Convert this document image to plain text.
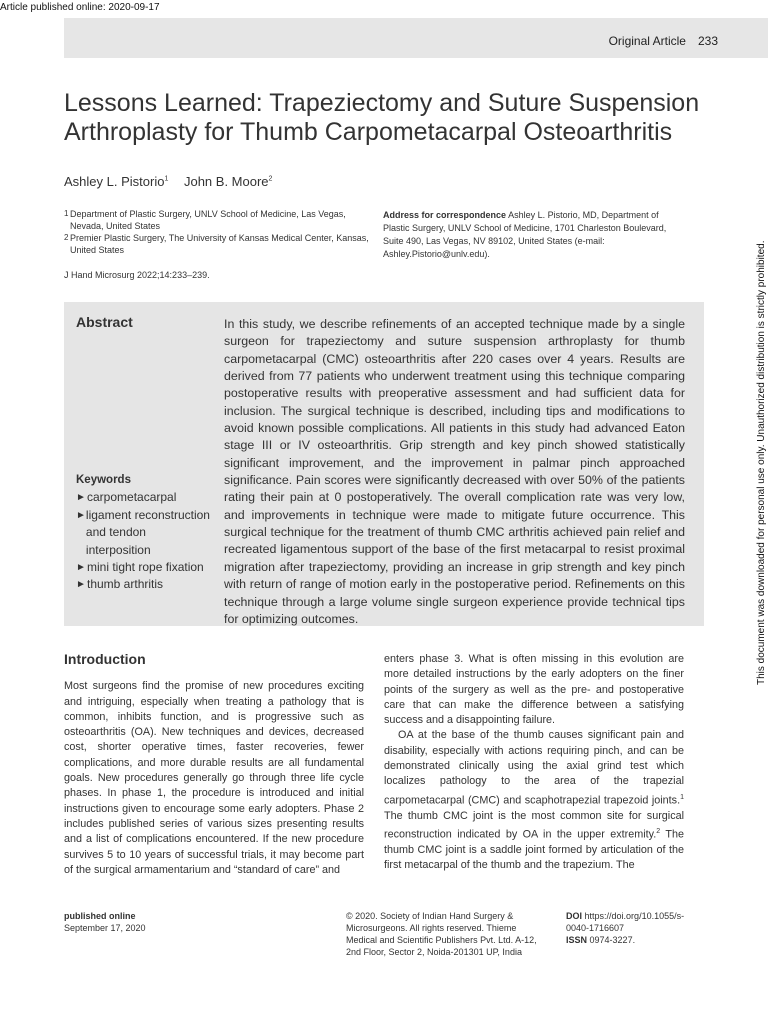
Article published online: 2020-09-17
Original Article 233
Lessons Learned: Trapeziectomy and Suture Suspension Arthroplasty for Thumb Carpometacarpal Osteoarthritis
Ashley L. Pistorio$^1$ John B. Moore$^2$
1 Department of Plastic Surgery, UNLV School of Medicine, Las Vegas, Nevada, United States
2 Premier Plastic Surgery, The University of Kansas Medical Center, Kansas, United States
Address for correspondence Ashley L. Pistorio, MD, Department of Plastic Surgery, UNLV School of Medicine, 1701 Charleston Boulevard, Suite 490, Las Vegas, NV 89102, United States (e-mail: Ashley.Pistorio@unlv.edu).
J Hand Microsurg 2022;14:233–239.	This document was downloaded for personal use only. Unauthorized distribution is strictly prohibited.
Abstract
Keywords
► carpometacarpal
► ligament reconstruction and tendon interposition
► mini tight rope fixation
► thumb arthritis
In this study, we describe refinements of an accepted technique made by a single surgeon for trapeziectomy and suture suspension arthroplasty for thumb carpometacarpal (CMC) osteoarthritis after 220 cases over 4 years. Results are derived from 77 patients who underwent treatment using this technique comparing postoperative results with preoperative assessment and had sufficient data for inclusion. The surgical technique is described, including tips and modifications to avoid known possible complications. All patients in this study had advanced Eaton stage III or IV osteoarthritis. Grip strength and key pinch showed statistically significant improvement, and the improvement in palmar pinch approached significance. Pain scores were significantly decreased with over 50% of the patients rating their pain at 0 postoperatively. The overall complication rate was very low, and improvements in technique were made to mitigate future occurrence. This surgical technique for the treatment of thumb CMC arthritis achieved pain relief and recreated ligamentous support of the base of the first metacarpal to resist proximal migration after trapeziectomy, providing an increase in grip strength and key pinch with return of range of motion early in the postoperative period. Refinements on this technique through a large volume single surgeon experience provide technical tips for optimizing outcomes.
Introduction

Most surgeons find the promise of new procedures exciting and intriguing, especially when treating a pathology that is common, inhibits function, and is progressive such as osteoarthritis (OA). New techniques and devices, decreased cost, shorter operative times, faster recoveries, fewer complications, and more durable results are all fundamental goals. New procedures generally go through three life cycle phases. In phase 1, the procedure is introduced and initial instructions given to encourage some early adopters. Phase 2 includes published series of various sizes presenting results and a list of complications encountered. If the new procedure survives 5 to 10 years of successful trials, it may become part of the surgical armamentarium and “standard of care” and

enters phase 3. What is often missing in this evolution are more detailed instructions by the early adopters on the finer points of the surgery as well as the pre- and postoperative care that can make the difference between a satisfying success and a disappointing failure.

OA at the base of the thumb causes significant pain and disability, especially with actions requiring pinch, and can be demonstrated clinically using the axial grind test which localizes pathology to the area of the trapezial carpometacarpal (CMC) and scaphotrapezial trapezoid joints.$^1$ The thumb CMC joint is the most common site for surgical reconstruction indicated by OA in the upper extremity.$^2$ The thumb CMC joint is a saddle joint formed by articulation of the first metacarpal of the thumb and the trapezium. The

published online
September 17, 2020
© 2020. Society of Indian Hand Surgery & Microsurgeons. All rights reserved. Thieme Medical and Scientific Publishers Pvt. Ltd. A-12, 2nd Floor, Sector 2, Noida-201301 UP, India
DOI https://doi.org/10.1055/s-0040-1716607
ISSN 0974-3227.
